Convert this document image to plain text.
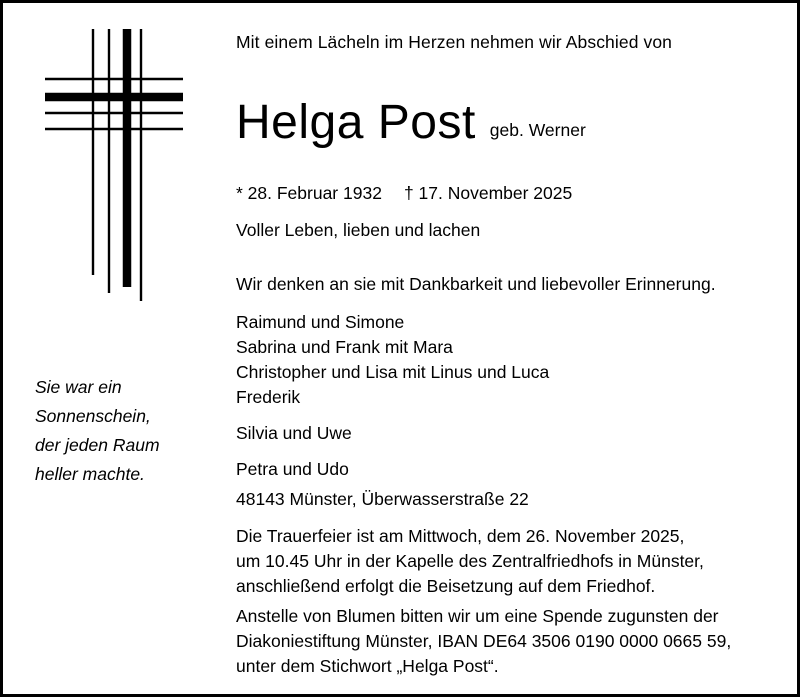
Sie war ein
Sonnenschein,
der jeden Raum
heller machte.
Mit einem Lächeln im Herzen nehmen wir Abschied von
Helga Post geb. Werner
* 28. Februar 1932 † 17. November 2025
Voller Leben, lieben und lachen
Wir denken an sie mit Dankbarkeit und liebevoller Erinnerung.
Raimund und Simone
Sabrina und Frank mit Mara
Christopher und Lisa mit Linus und Luca
Frederik
Silvia und Uwe
Petra und Udo
48143 Münster, Überwasserstraße 22
Die Trauerfeier ist am Mittwoch, dem 26. November 2025,
um 10.45 Uhr in der Kapelle des Zentralfriedhofs in Münster,
anschließend erfolgt die Beisetzung auf dem Friedhof.
Anstelle von Blumen bitten wir um eine Spende zugunsten der
Diakoniestiftung Münster, IBAN DE64 3506 0190 0000 0665 59,
unter dem Stichwort „Helga Post“.
